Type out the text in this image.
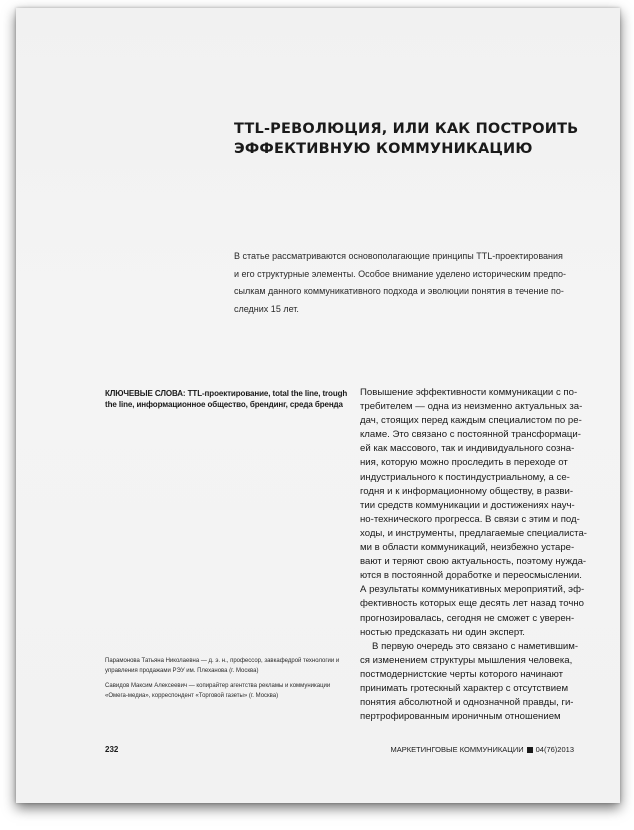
TTL-РЕВОЛЮЦИЯ, ИЛИ КАК ПОСТРОИТЬ
ЭФФЕКТИВНУЮ КОММУНИКАЦИЮ
В статье рассматриваются основополагающие принципы TTL-проектирования
и его структурные элементы. Особое внимание уделено историческим предпо-
сылкам данного коммуникативного подхода и эволюции понятия в течение по-
следних 15 лет.
КЛЮЧЕВЫЕ СЛОВА: TTL-проектирование, total the line, trough
the line, информационное общество, брендинг, среда бренда
Повышение эффективности коммуникации с по-
требителем — одна из неизменно актуальных за-
дач, стоящих перед каждым специалистом по ре-
кламе. Это связано с постоянной трансформаци-
ей как массового, так и индивидуального созна-
ния, которую можно проследить в переходе от
индустриального к постиндустриальному, а се-
годня и к информационному обществу, в разви-
тии средств коммуникации и достижениях науч-
но-технического прогресса. В связи с этим и под-
ходы, и инструменты, предлагаемые специалиста-
ми в области коммуникаций, неизбежно устаре-
вают и теряют свою актуальность, поэтому нужда-
ются в постоянной доработке и переосмыслении.
А результаты коммуникативных мероприятий, эф-
фективность которых еще десять лет назад точно
прогнозировалась, сегодня не сможет с уверен-
ностью предсказать ни один эксперт.
В первую очередь это связано с наметившим-
ся изменением структуры мышления человека,
постмодернистские черты которого начинают
принимать гротескный характер с отсутствием
понятия абсолютной и однозначной правды, ги-
пертрофированным ироничным отношением
Парамонова Татьяна Николаевна — д. э. н., профессор, завкафедрой технологии и
управления продажами РЭУ им. Плеханова (г. Москва)
Савидов Максим Алексеевич — копирайтер агентства рекламы и коммуникации
«Омега-медиа», корреспондент «Торговой газеты» (г. Москва)
232	МАРКЕТИНГОВЫЕ КОММУНИКАЦИИ 04(76)2013
